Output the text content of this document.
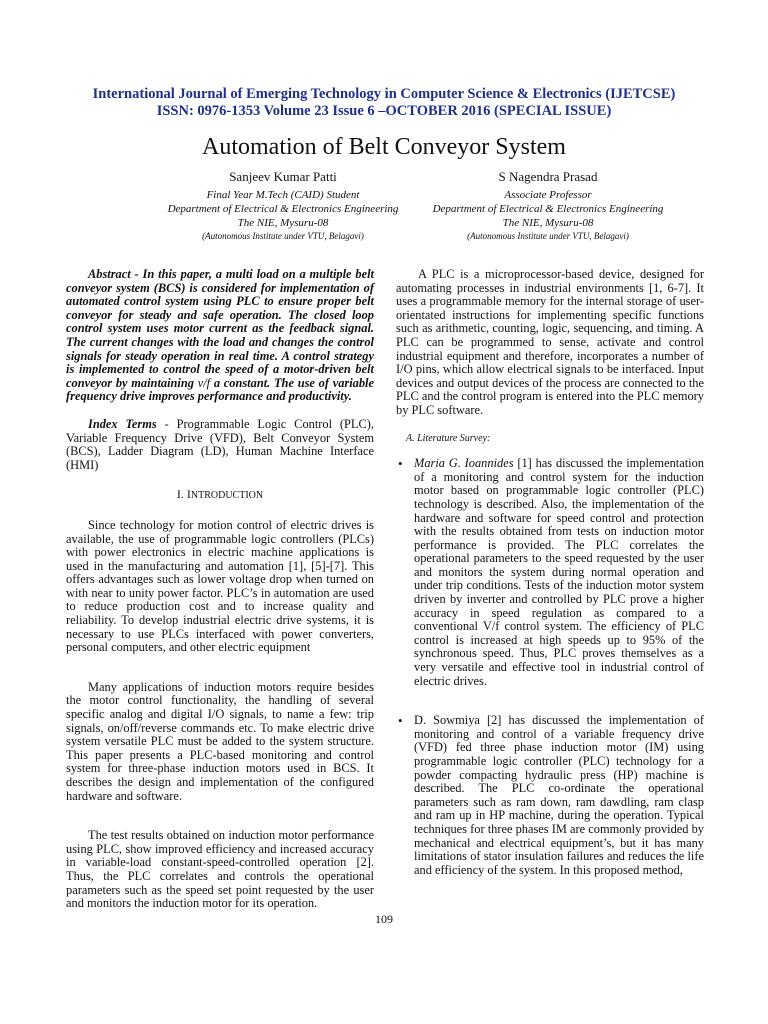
International Journal of Emerging Technology in Computer Science & Electronics (IJETCSE)
ISSN: 0976-1353 Volume 23 Issue 6 –OCTOBER 2016 (SPECIAL ISSUE)
Automation of Belt Conveyor System
Sanjeev Kumar Patti
Final Year M.Tech (CAID) Student
Department of Electrical & Electronics Engineering
The NIE, Mysuru-08
(Autonomous Institute under VTU, Belagavi)
S Nagendra Prasad
Associate Professor
Department of Electrical & Electronics Engineering
The NIE, Mysuru-08
(Autonomous Institute under VTU, Belagavi)

Abstract - In this paper, a multi load on a multiple belt conveyor system (BCS) is considered for implementation of automated control system using PLC to ensure proper belt conveyor for steady and safe operation. The closed loop control system uses motor current as the feedback signal. The current changes with the load and changes the control signals for steady operation in real time. A control strategy is implemented to control the speed of a motor-driven belt conveyor by maintaining v/f a constant. The use of variable frequency drive improves performance and productivity.

Index Terms - Programmable Logic Control (PLC), Variable Frequency Drive (VFD), Belt Conveyor System (BCS), Ladder Diagram (LD), Human Machine Interface (HMI)

I. INTRODUCTION

Since technology for motion control of electric drives is available, the use of programmable logic controllers (PLCs) with power electronics in electric machine applications is used in the manufacturing and automation [1], [5]-[7]. This offers advantages such as lower voltage drop when turned on with near to unity power factor. PLC’s in automation are used to reduce production cost and to increase quality and reliability. To develop industrial electric drive systems, it is necessary to use PLCs interfaced with power converters, personal computers, and other electric equipment

Many applications of induction motors require besides the motor control functionality, the handling of several specific analog and digital I/O signals, to name a few: trip signals, on/off/reverse commands etc. To make electric drive system versatile PLC must be added to the system structure. This paper presents a PLC-based monitoring and control system for three-phase induction motors used in BCS. It describes the design and implementation of the configured hardware and software.

The test results obtained on induction motor performance using PLC, show improved efficiency and increased accuracy in variable-load constant-speed-controlled operation [2]. Thus, the PLC correlates and controls the operational parameters such as the speed set point requested by the user and monitors the induction motor for its operation.

A PLC is a microprocessor-based device, designed for automating processes in industrial environments [1, 6-7]. It uses a programmable memory for the internal storage of user-orientated instructions for implementing specific functions such as arithmetic, counting, logic, sequencing, and timing. A PLC can be programmed to sense, activate and control industrial equipment and therefore, incorporates a number of I/O pins, which allow electrical signals to be interfaced. Input devices and output devices of the process are connected to the PLC and the control program is entered into the PLC memory by PLC software.

A. Literature Survey:
• Maria G. Ioannides [1] has discussed the implementation of a monitoring and control system for the induction motor based on programmable logic controller (PLC) technology is described. Also, the implementation of the hardware and software for speed control and protection with the results obtained from tests on induction motor performance is provided. The PLC correlates the operational parameters to the speed requested by the user and monitors the system during normal operation and under trip conditions. Tests of the induction motor system driven by inverter and controlled by PLC prove a higher accuracy in speed regulation as compared to a conventional V/f control system. The efficiency of PLC control is increased at high speeds up to 95% of the synchronous speed. Thus, PLC proves themselves as a very versatile and effective tool in industrial control of electric drives.
• D. Sowmiya [2] has discussed the implementation of monitoring and control of a variable frequency drive (VFD) fed three phase induction motor (IM) using programmable logic controller (PLC) technology for a powder compacting hydraulic press (HP) machine is described. The PLC co-ordinate the operational parameters such as ram down, ram dawdling, ram clasp and ram up in HP machine, during the operation. Typical techniques for three phases IM are commonly provided by mechanical and electrical equipment’s, but it has many limitations of stator insulation failures and reduces the life and efficiency of the system. In this proposed method,
109
